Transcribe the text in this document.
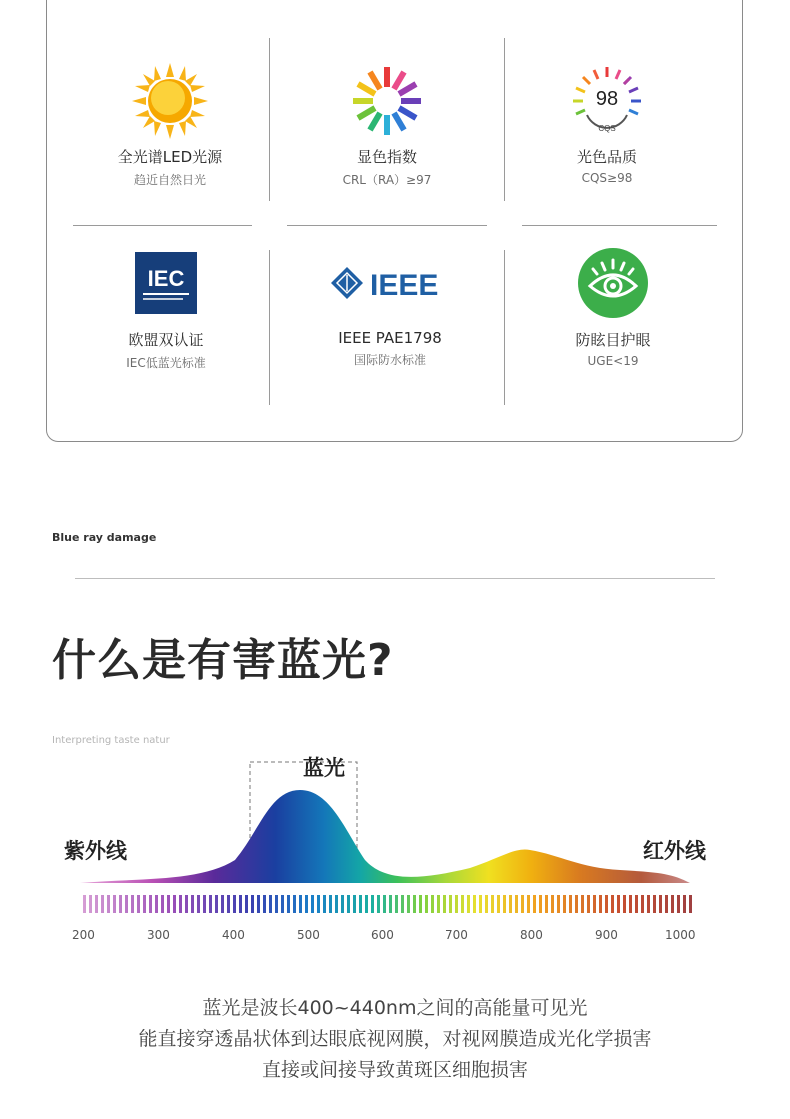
全光谱LED光源
趋近自然日光
显色指数
CRL（RA）≥97
98
CQS
光色品质
CQS≥98
IEC
欧盟双认证
IEC低蓝光标准
IEEE
IEEE PAE1798
国际防水标准
防眩目护眼
UGE<19
Blue ray damage
什么是有害蓝光?
Interpreting taste natur
蓝光
紫外线	红外线
200	300	400	500	600	700	800	900	1000
蓝光是波长400~440nm之间的高能量可见光
能直接穿透晶状体到达眼底视网膜，对视网膜造成光化学损害
直接或间接导致黄斑区细胞损害
